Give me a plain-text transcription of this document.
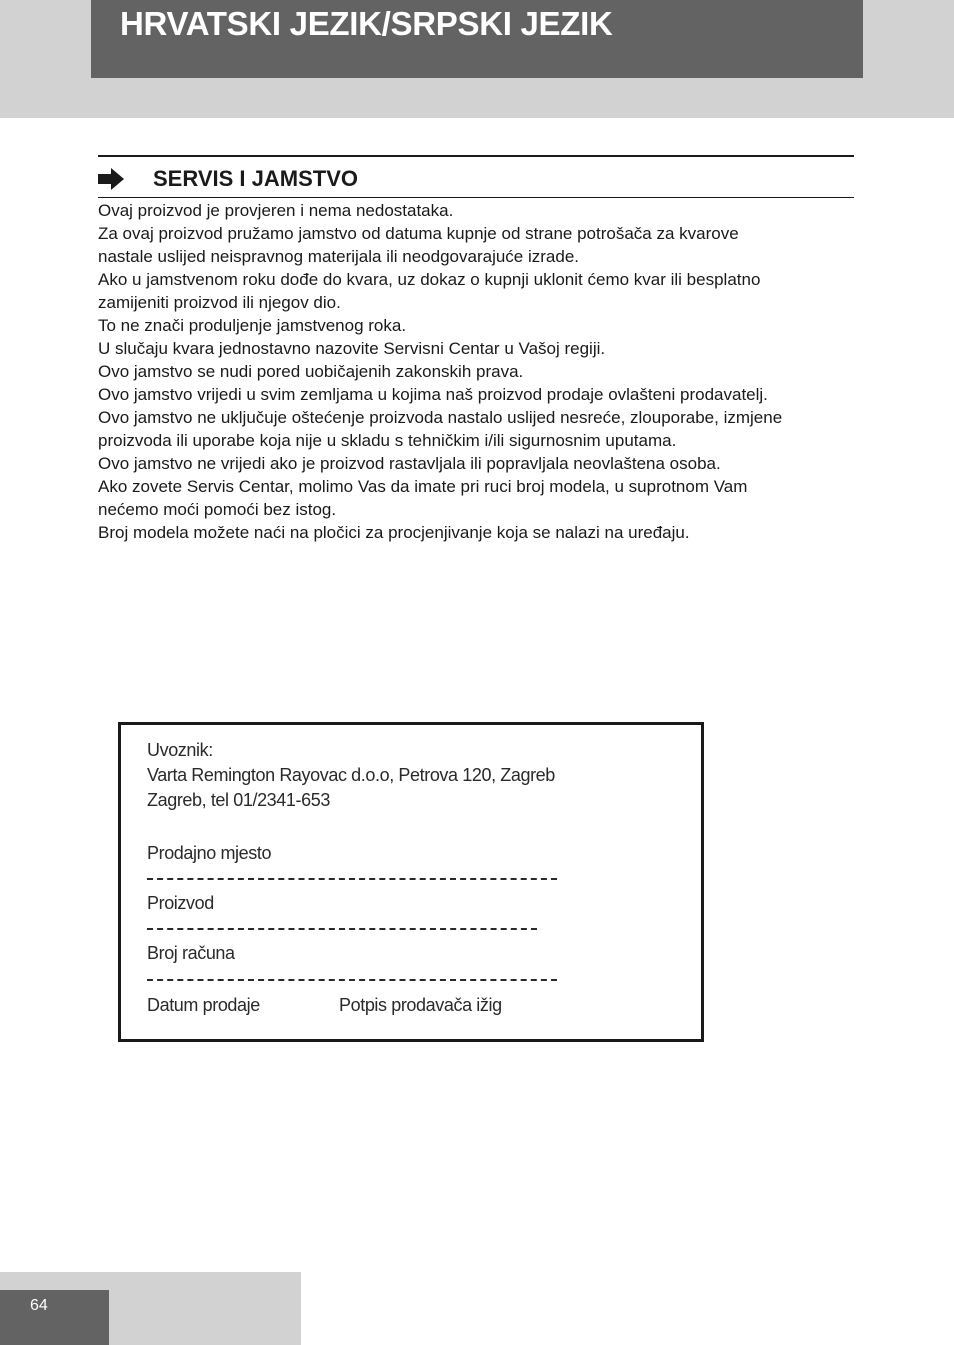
HRVATSKI JEZIK/SRPSKI JEZIK
SERVIS I JAMSTVO

Ovaj proizvod je provjeren i nema nedostataka.

Za ovaj proizvod pružamo jamstvo od datuma kupnje od strane potrošača za kvarove

nastale uslijed neispravnog materijala ili neodgovarajuće izrade.

Ako u jamstvenom roku dođe do kvara, uz dokaz o kupnji uklonit ćemo kvar ili besplatno

zamijeniti proizvod ili njegov dio.

To ne znači produljenje jamstvenog roka.

U slučaju kvara jednostavno nazovite Servisni Centar u Vašoj regiji.

Ovo jamstvo se nudi pored uobičajenih zakonskih prava.

Ovo jamstvo vrijedi u svim zemljama u kojima naš proizvod prodaje ovlašteni prodavatelj.

Ovo jamstvo ne uključuje oštećenje proizvoda nastalo uslijed nesreće, zlouporabe, izmjene

proizvoda ili uporabe koja nije u skladu s tehničkim i/ili sigurnosnim uputama.

Ovo jamstvo ne vrijedi ako je proizvod rastavljala ili popravljala neovlaštena osoba.

Ako zovete Servis Centar, molimo Vas da imate pri ruci broj modela, u suprotnom Vam

nećemo moći pomoći bez istog.

Broj modela možete naći na pločici za procjenjivanje koja se nalazi na uređaju.

Uvoznik:
Varta Remington Rayovac d.o.o, Petrova 120, Zagreb
Zagreb, tel 01/2341-653
Prodajno mjesto
Proizvod
Broj računa
Datum prodaje	Potpis prodavača ižig
64
